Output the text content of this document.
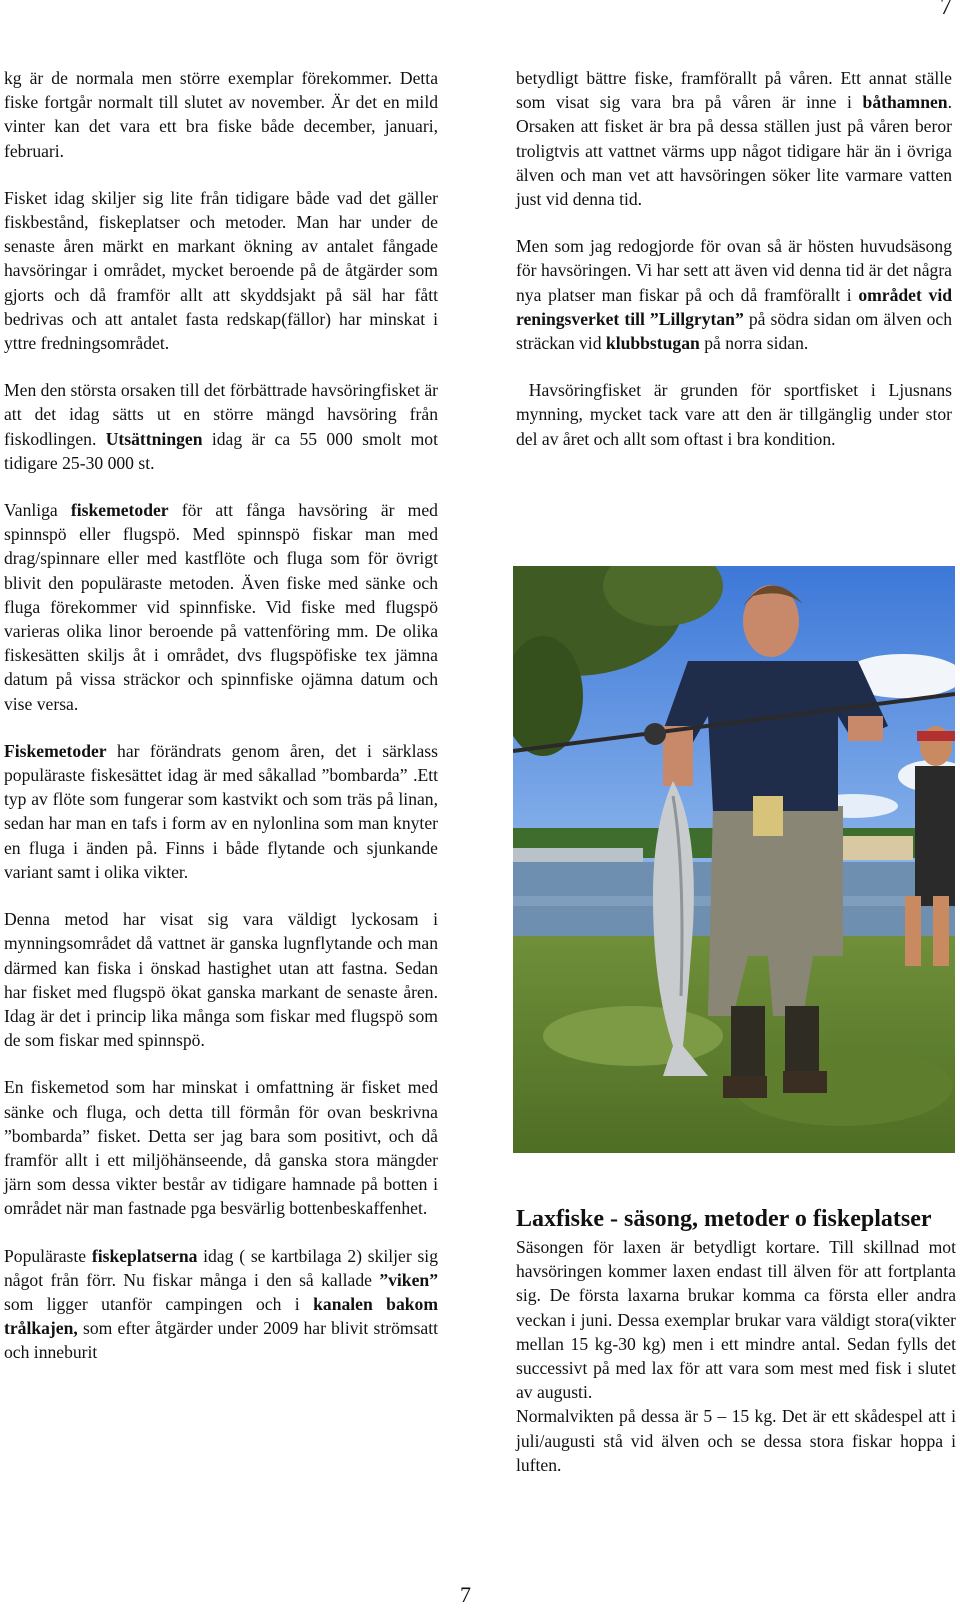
7

kg är de normala men större exemplar förekommer. Detta fiske fortgår normalt till slutet av november. Är det en mild vinter kan det vara ett bra fiske både december, januari, februari.

Fisket idag skiljer sig lite från tidigare både vad det gäller fiskbestånd, fiskeplatser och metoder. Man har under de senaste åren märkt en markant ökning av antalet fångade havsöringar i området, mycket beroende på de åtgärder som gjorts och då framför allt att skyddsjakt på säl har fått bedrivas och att antalet fasta redskap(fällor) har minskat i yttre fredningsområdet.

Men den största orsaken till det förbättrade havsöringfisket är att det idag sätts ut en större mängd havsöring från fiskodlingen. Utsättningen idag är ca 55 000 smolt mot tidigare 25-30 000 st.

Vanliga fiskemetoder för att fånga havsöring är med spinnspö eller flugspö. Med spinnspö fiskar man med drag/spinnare eller med kastflöte och fluga som för övrigt blivit den populäraste metoden. Även fiske med sänke och fluga förekommer vid spinnfiske. Vid fiske med flugspö varieras olika linor beroende på vattenföring mm. De olika fiskesätten skiljs åt i området, dvs flugspöfiske tex jämna datum på vissa sträckor och spinnfiske ojämna datum och vise versa.

Fiskemetoder har förändrats genom åren, det i särklass populäraste fiskesättet idag är med såkallad ”bombarda” .Ett typ av flöte som fungerar som kastvikt och som träs på linan, sedan har man en tafs i form av en nylonlina som man knyter en fluga i änden på. Finns i både flytande och sjunkande variant samt i olika vikter.

Denna metod har visat sig vara väldigt lyckosam i mynningsområdet då vattnet är ganska lugnflytande och man därmed kan fiska i önskad hastighet utan att fastna. Sedan har fisket med flugspö ökat ganska markant de senaste åren. Idag är det i princip lika många som fiskar med flugspö som de som fiskar med spinnspö.

En fiskemetod som har minskat i omfattning är fisket med sänke och fluga, och detta till förmån för ovan beskrivna ”bombarda” fisket. Detta ser jag bara som positivt, och då framför allt i ett miljöhänseende, då ganska stora mängder järn som dessa vikter består av tidigare hamnade på botten i området när man fastnade pga besvärlig bottenbeskaffenhet.

Populäraste fiskeplatserna idag ( se kartbilaga 2) skiljer sig något från förr. Nu fiskar många i den så kallade ”viken” som ligger utanför campingen och i kanalen bakom trålkajen, som efter åtgärder under 2009 har blivit strömsatt och inneburit

betydligt bättre fiske, framförallt på våren. Ett annat ställe som visat sig vara bra på våren är inne i båthamnen. Orsaken att fisket är bra på dessa ställen just på våren beror troligtvis att vattnet värms upp något tidigare här än i övriga älven och man vet att havsöringen söker lite varmare vatten just vid denna tid.

Men som jag redogjorde för ovan så är hösten huvudsäsong för havsöringen. Vi har sett att även vid denna tid är det några nya platser man fiskar på och då framförallt i området vid reningsverket till ”Lillgrytan” på södra sidan om älven och sträckan vid klubbstugan på norra sidan.

Havsöringfisket är grunden för sportfisket i Ljusnans mynning, mycket tack vare att den är tillgänglig under stor del av året och allt som oftast i bra kondition.

Laxfiske - säsong, metoder o fiskeplatser

Säsongen för laxen är betydligt kortare. Till skillnad mot havsöringen kommer laxen endast till älven för att fortplanta sig. De första laxarna brukar komma ca första eller andra veckan i juni. Dessa exemplar brukar vara väldigt stora(vikter mellan 15 kg-30 kg) men i ett mindre antal. Sedan fylls det successivt på med lax för att vara som mest med fisk i slutet av augusti.

Normalvikten på dessa är 5 – 15 kg. Det är ett skådespel att i juli/augusti stå vid älven och se dessa stora fiskar hoppa i luften.

7
